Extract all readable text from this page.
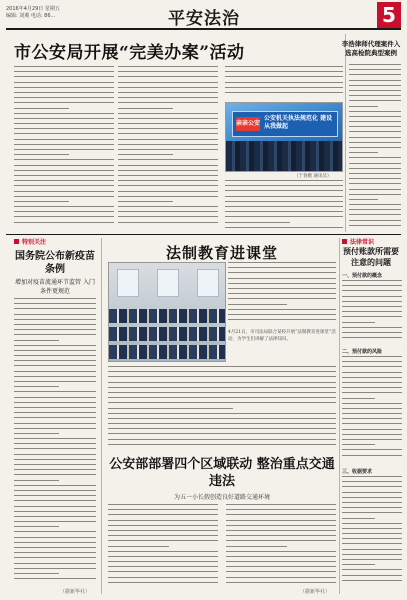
2016年4月29日 星期五
编辑: 刘翼 电话: 86...	平安法治	5
市公安局开展“完美办案”活动
亲亲公安
公安机关执法规范化 建设从我做起
（于春摄 通讯员）
李浩律师代理案件入选高检院典型案例
特别关注
国务院公布新疫苗条例
增加对疫苗流通环节监管 入门条件更规范
（据新华社）
法制教育进课堂
4月21日，市司法局联合某校开展“法制教育进课堂”活动，为学生们讲解了法律知识。
公安部部署四个区域联动 整治重点交通违法
为五一小长假创造良好道路交通环境
（据新华社）
法律常识
预付账款所需要注意的问题
一、预付款的概念
二、预付款的风险
三、收据要求
